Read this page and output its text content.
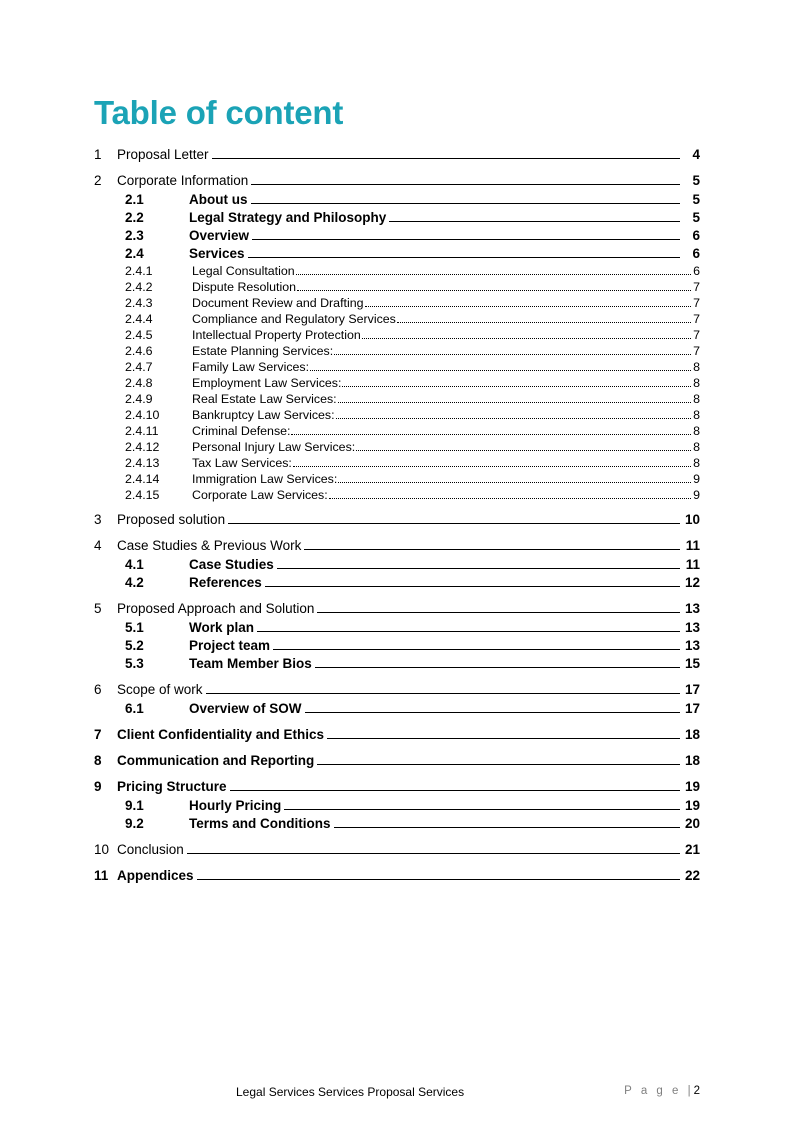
Table of content
1	Proposal Letter	4
2	Corporate Information	5
2.1	About us	5
2.2	Legal Strategy and Philosophy	5
2.3	Overview	6
2.4	Services	6
2.4.1	Legal Consultation	6
2.4.2	Dispute Resolution	7
2.4.3	Document Review and Drafting	7
2.4.4	Compliance and Regulatory Services	7
2.4.5	Intellectual Property Protection	7
2.4.6	Estate Planning Services:	7
2.4.7	Family Law Services:	8
2.4.8	Employment Law Services:	8
2.4.9	Real Estate Law Services:	8
2.4.10	Bankruptcy Law Services:	8
2.4.11	Criminal Defense:	8
2.4.12	Personal Injury Law Services:	8
2.4.13	Tax Law Services:	8
2.4.14	Immigration Law Services:	9
2.4.15	Corporate Law Services:	9
3	Proposed solution	10
4	Case Studies & Previous Work	11
4.1	Case Studies	11
4.2	References	12
5	Proposed Approach and Solution	13
5.1	Work plan	13
5.2	Project team	13
5.3	Team Member Bios	15
6	Scope of work	17
6.1	Overview of SOW	17
7	Client Confidentiality and Ethics	18
8	Communication and Reporting	18
9	Pricing Structure	19
9.1	Hourly Pricing	19
9.2	Terms and Conditions	20
10 Conclusion	21
11 Appendices	22
Legal Services Services Proposal Services	P a g e |2
